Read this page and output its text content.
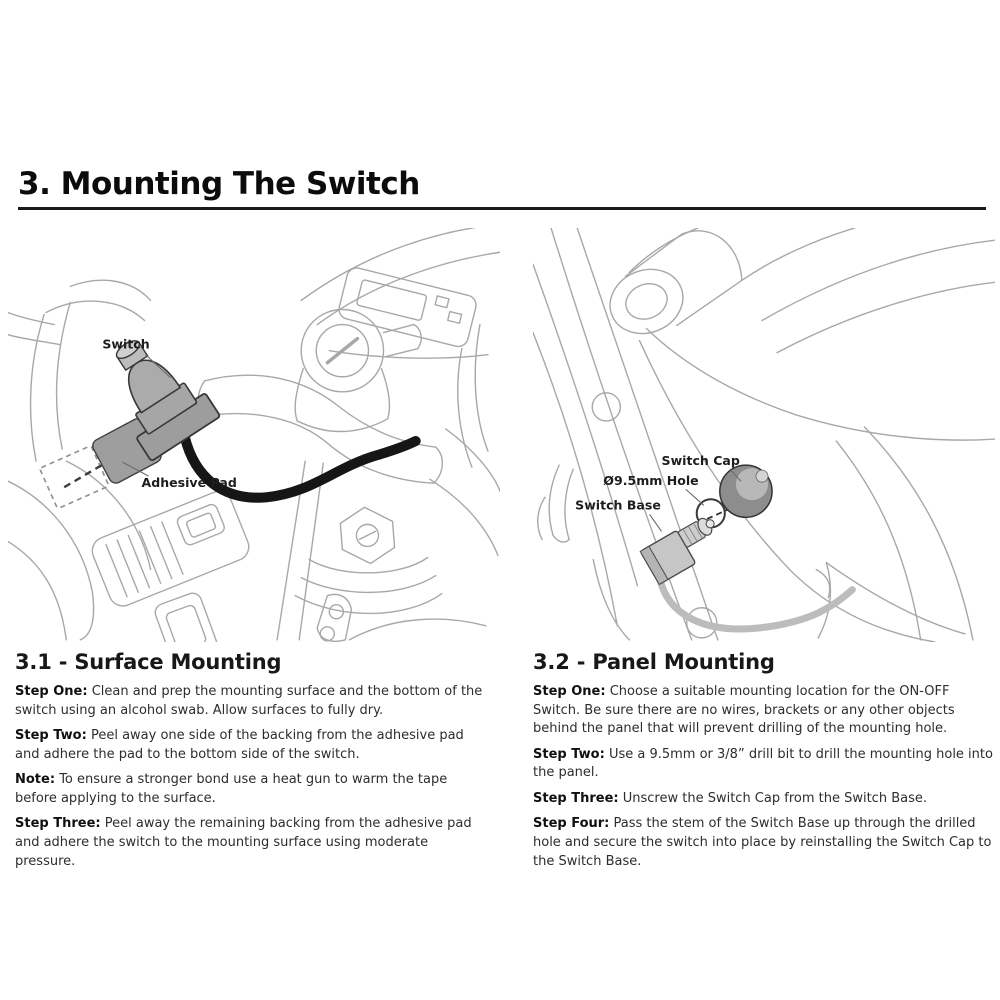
3. Mounting The Switch
Switch
Adhesive Pad
Switch Cap
Ø9.5mm Hole
Switch Base
3.1 - Surface Mounting

Step One: Clean and prep the mounting surface and the bottom of the switch using an alcohol swab. Allow surfaces to fully dry.

Step Two: Peel away one side of the backing from the adhesive pad and adhere the pad to the bottom side of the switch.

Note: To ensure a stronger bond use a heat gun to warm the tape before applying to the surface.

Step Three: Peel away the remaining backing from the adhesive pad and adhere the switch to the mounting surface using moderate pressure.

3.2 - Panel Mounting

Step One: Choose a suitable mounting location for the ON-OFF Switch. Be sure there are no wires, brackets or any other objects behind the panel that will prevent drilling of the mounting hole.

Step Two: Use a 9.5mm or 3/8” drill bit to drill the mounting hole into the panel.

Step Three: Unscrew the Switch Cap from the Switch Base.

Step Four: Pass the stem of the Switch Base up through the drilled hole and secure the switch into place by reinstalling the Switch Cap to the Switch Base.
